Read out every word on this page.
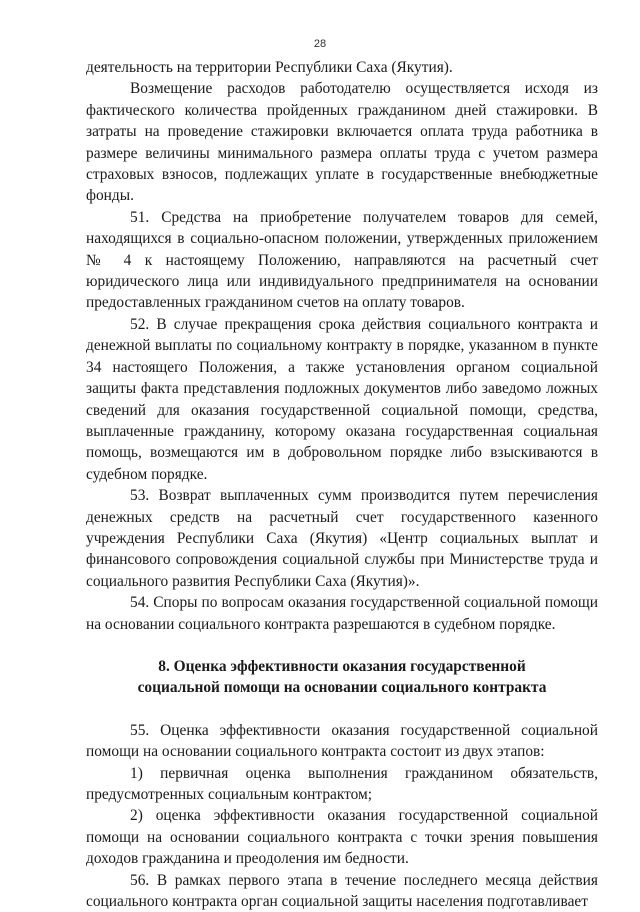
28

деятельность на территории Республики Саха (Якутия).

Возмещение расходов работодателю осуществляется исходя из фактического количества пройденных гражданином дней стажировки. В затраты на проведение стажировки включается оплата труда работника в размере величины минимального размера оплаты труда с учетом размера страховых взносов, подлежащих уплате в государственные внебюджетные фонды.

51. Средства на приобретение получателем товаров для семей, находящихся в социально-опасном положении, утвержденных приложением № 4 к настоящему Положению, направляются на расчетный счет юридического лица или индивидуального предпринимателя на основании предоставленных гражданином счетов на оплату товаров.

52. В случае прекращения срока действия социального контракта и денежной выплаты по социальному контракту в порядке, указанном в пункте 34 настоящего Положения, а также установления органом социальной защиты факта представления подложных документов либо заведомо ложных сведений для оказания государственной социальной помощи, средства, выплаченные гражданину, которому оказана государственная социальная помощь, возмещаются им в добровольном порядке либо взыскиваются в судебном порядке.

53. Возврат выплаченных сумм производится путем перечисления денежных средств на расчетный счет государственного казенного учреждения Республики Саха (Якутия) «Центр социальных выплат и финансового сопровождения социальной службы при Министерстве труда и социального развития Республики Саха (Якутия)».

54. Споры по вопросам оказания государственной социальной помощи на основании социального контракта разрешаются в судебном порядке.

8. Оценка эффективности оказания государственной
социальной помощи на основании социального контракта

55. Оценка эффективности оказания государственной социальной помощи на основании социального контракта состоит из двух этапов:

1) первичная оценка выполнения гражданином обязательств, предусмотренных социальным контрактом;

2) оценка эффективности оказания государственной социальной помощи на основании социального контракта с точки зрения повышения доходов гражданина и преодоления им бедности.

56. В рамках первого этапа в течение последнего месяца действия социального контракта орган социальной защиты населения подготавливает
